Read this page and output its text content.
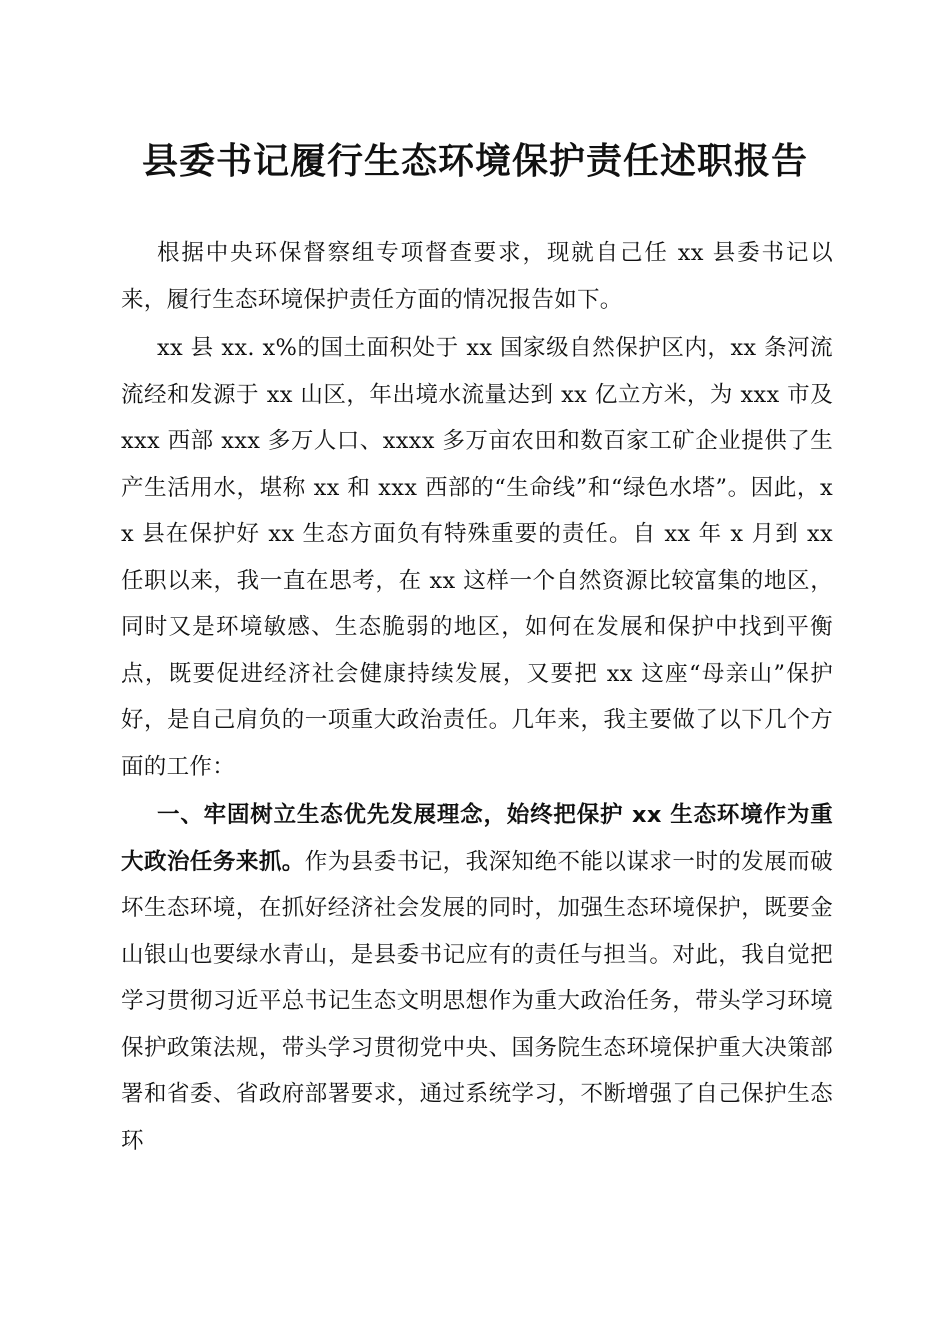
县委书记履行生态环境保护责任述职报告

根据中央环保督察组专项督查要求，现就自己任 xx 县委书记以来，履行生态环境保护责任方面的情况报告如下。

xx 县 xx. x%的国土面积处于 xx 国家级自然保护区内，xx 条河流流经和发源于 xx 山区，年出境水流量达到 xx 亿立方米，为 xxx 市及 xxx 西部 xxx 多万人口、xxxx 多万亩农田和数百家工矿企业提供了生产生活用水，堪称 xx 和 xxx 西部的“生命线”和“绿色水塔”。因此，xx 县在保护好 xx 生态方面负有特殊重要的责任。自 xx 年 x 月到 xx 任职以来，我一直在思考，在 xx 这样一个自然资源比较富集的地区，同时又是环境敏感、生态脆弱的地区，如何在发展和保护中找到平衡点，既要促进经济社会健康持续发展，又要把 xx 这座“母亲山”保护好，是自己肩负的一项重大政治责任。几年来，我主要做了以下几个方面的工作：

一、牢固树立生态优先发展理念，始终把保护 xx 生态环境作为重大政治任务来抓。作为县委书记，我深知绝不能以谋求一时的发展而破坏生态环境，在抓好经济社会发展的同时，加强生态环境保护，既要金山银山也要绿水青山，是县委书记应有的责任与担当。对此，我自觉把学习贯彻习近平总书记生态文明思想作为重大政治任务，带头学习环境保护政策法规，带头学习贯彻党中央、国务院生态环境保护重大决策部署和省委、省政府部署要求，通过系统学习，不断增强了自己保护生态环
